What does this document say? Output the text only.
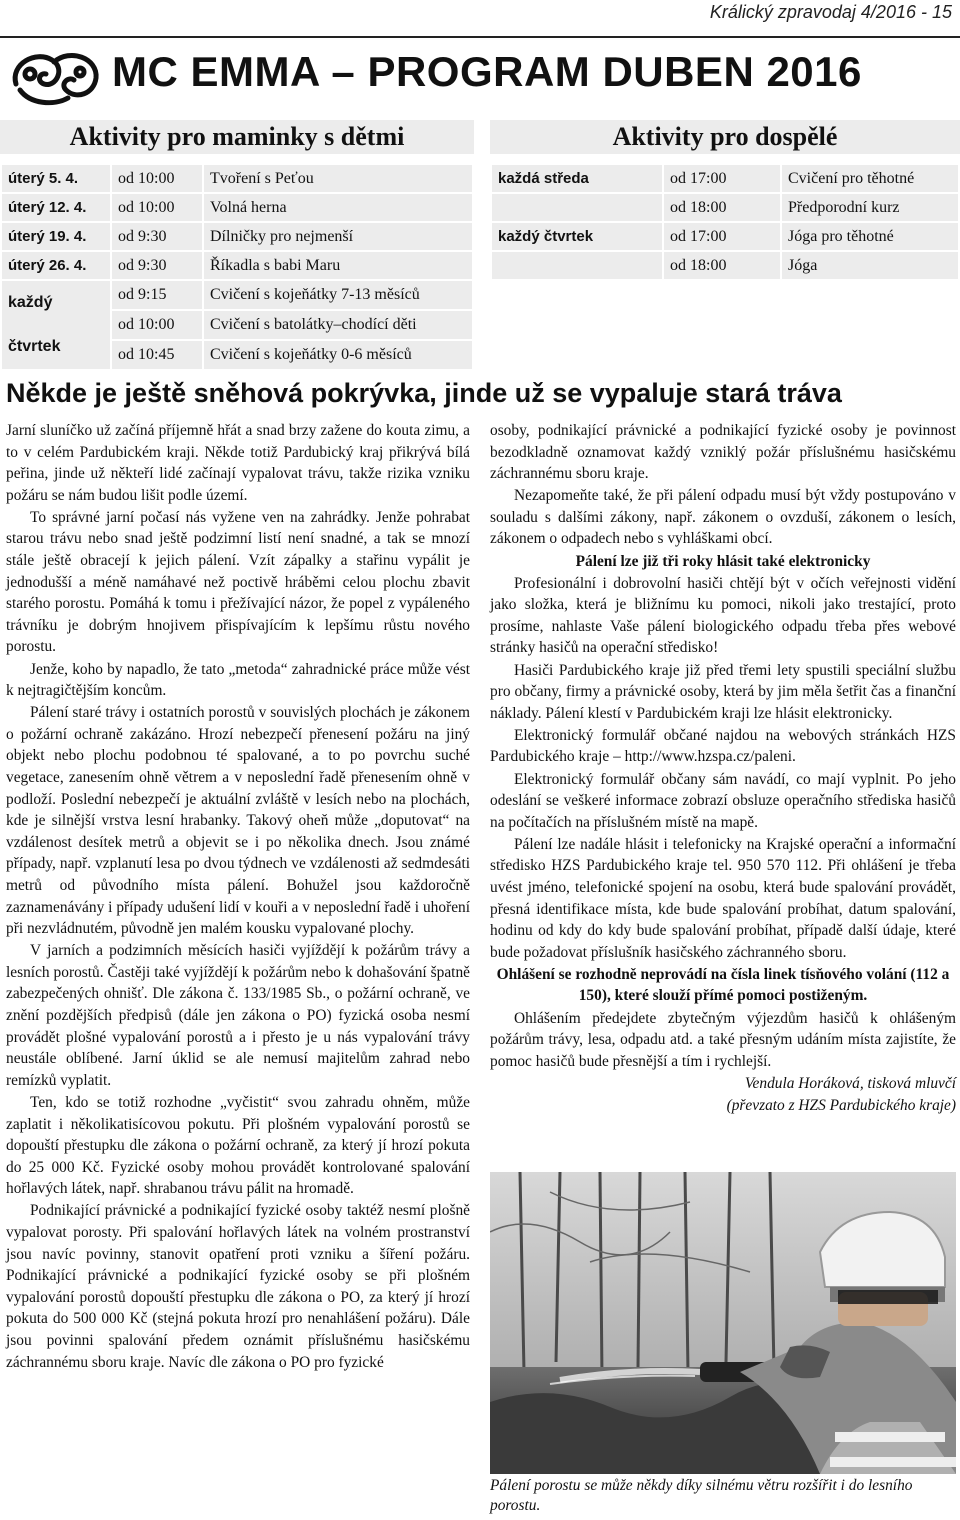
Králický zpravodaj 4/2016 - 15
MC EMMA – PROGRAM DUBEN 2016
Aktivity pro maminky s dětmi	Aktivity pro dospělé
úterý 5. 4.	od 10:00	Tvoření s Peťou
úterý 12. 4.	od 10:00	Volná herna
úterý 19. 4.	od 9:30	Dílničky pro nejmenší
úterý 26. 4.	od 9:30	Říkadla s babi Maru

každý
čtvrtek	od 9:15	Cvičení s kojeňátky 7-13 měsíců
	od 10:00	Cvičení s batolátky–chodící děti
	od 10:45	Cvičení s kojeňátky 0-6 měsíců
každá středa	od 17:00	Cvičení pro těhotné
	od 18:00	Předporodní kurz
každý čtvrtek	od 17:00	Jóga pro těhotné
	od 18:00	Jóga
Někde je ještě sněhová pokrývka, jinde už se vypaluje stará tráva

Jarní sluníčko už začíná příjemně hřát a snad brzy zažene do kouta zimu, a to v celém Pardubickém kraji. Někde totiž Pardubický kraj přikrývá bílá peřina, jinde už někteří lidé začínají vypalovat trávu, takže rizika vzniku požáru se nám budou lišit podle území.

To správné jarní počasí nás vyžene ven na zahrádky. Jenže pohrabat starou trávu nebo snad ještě podzimní listí není snadné, a tak se mnozí stále ještě obracejí k jejich pálení. Vzít zápalky a stařinu vypálit je jednodušší a méně namáhavé než poctivě hráběmi celou plochu zbavit starého porostu. Pomáhá k tomu i přežívající názor, že popel z vypáleného trávníku je dobrým hnojivem přispívajícím k lepšímu růstu nového porostu.

Jenže, koho by napadlo, že tato „metoda“ zahradnické práce může vést k nejtragičtějším koncům.

Pálení staré trávy i ostatních porostů v souvislých plochách je zákonem o požární ochraně zakázáno. Hrozí nebezpečí přenesení požáru na jiný objekt nebo plochu podobnou té spalované, a to po povrchu suché vegetace, zanesením ohně větrem a v neposlední řadě přenesením ohně v podloží. Poslední nebezpečí je aktuální zvláště v lesích nebo na plochách, kde je silnější vrstva lesní hrabanky. Takový oheň může „doputovat“ na vzdálenost desítek metrů a objevit se i po několika dnech. Jsou známé případy, např. vzplanutí lesa po dvou týdnech ve vzdálenosti až sedmdesáti metrů od původního místa pálení. Bohužel jsou každoročně zaznamenávány i případy udušení lidí v kouři a v neposlední řadě i uhoření při nezvládnutém, původně jen malém kousku vypalované plochy.

V jarních a podzimních měsících hasiči vyjíždějí k požárům trávy a lesních porostů. Častěji také vyjíždějí k požárům nebo k dohašování špatně zabezpečených ohnišť. Dle zákona č. 133/1985 Sb., o požární ochraně, ve znění pozdějších předpisů (dále jen zákona o PO) fyzická osoba nesmí provádět plošné vypalování porostů a i přesto je u nás vypalování trávy neustále oblíbené. Jarní úklid se ale nemusí majitelům zahrad nebo remízků vyplatit.

Ten, kdo se totiž rozhodne „vyčistit“ svou zahradu ohněm, může zaplatit i několikatisícovou pokutu. Při plošném vypalování porostů se dopouští přestupku dle zákona o požární ochraně, za který jí hrozí pokuta do 25 000 Kč. Fyzické osoby mohou provádět kontrolované spalování hořlavých látek, např. shrabanou trávu pálit na hromadě.

Podnikající právnické a podnikající fyzické osoby taktéž nesmí plošně vypalovat porosty. Při spalování hořlavých látek na volném prostranství jsou navíc povinny, stanovit opatření proti vzniku a šíření požáru. Podnikající právnické a podnikající fyzické osoby se při plošném vypalování porostů dopouští přestupku dle zákona o PO, za který jí hrozí pokuta do 500 000 Kč (stejná pokuta hrozí pro nenahlášení požáru). Dále jsou povinni spalování předem oznámit příslušnému hasičskému záchrannému sboru kraje. Navíc dle zákona o PO pro fyzické

osoby, podnikající právnické a podnikající fyzické osoby je povinnost bezodkladně oznamovat každý vzniklý požár příslušnému hasičskému záchrannému sboru kraje.

Nezapomeňte také, že při pálení odpadu musí být vždy postupováno v souladu s dalšími zákony, např. zákonem o ovzduší, zákonem o lesích, zákonem o odpadech nebo s vyhláškami obcí.

Pálení lze již tři roky hlásit také elektronicky

Profesionální i dobrovolní hasiči chtějí být v očích veřejnosti vidění jako složka, která je bližnímu ku pomoci, nikoli jako trestající, proto prosíme, nahlaste Vaše pálení biologického odpadu třeba přes webové stránky hasičů na operační středisko!

Hasiči Pardubického kraje již před třemi lety spustili speciální službu pro občany, firmy a právnické osoby, která by jim měla šetřit čas a finanční náklady. Pálení klestí v Pardubickém kraji lze hlásit elektronicky.

Elektronický formulář občané najdou na webových stránkách HZS Pardubického kraje – http://www.hzspa.cz/paleni.

Elektronický formulář občany sám navádí, co mají vyplnit. Po jeho odeslání se veškeré informace zobrazí obsluze operačního střediska hasičů na počítačích na příslušném místě na mapě.

Pálení lze nadále hlásit i telefonicky na Krajské operační a informační středisko HZS Pardubického kraje tel. 950 570 112. Při ohlášení je třeba uvést jméno, telefonické spojení na osobu, která bude spalování provádět, přesná identifikace místa, kde bude spalování probíhat, datum spalování, hodinu od kdy do kdy bude spalování probíhat, případě další údaje, které bude požadovat příslušník hasičského záchranného sboru.

Ohlášení se rozhodně neprovádí na čísla linek tísňového volání (112 a 150), které slouží přímé pomoci postiženým.

Ohlášením předejdete zbytečným výjezdům hasičů k ohlášeným požárům trávy, lesa, odpadu atd. a také přesným udáním místa zajistíte, že pomoc hasičů bude přesnější a tím i rychlejší.

Vendula Horáková, tisková mluvčí

(převzato z HZS Pardubického kraje)

Pálení porostu se může někdy díky silnému větru rozšířit i do lesního porostu.
